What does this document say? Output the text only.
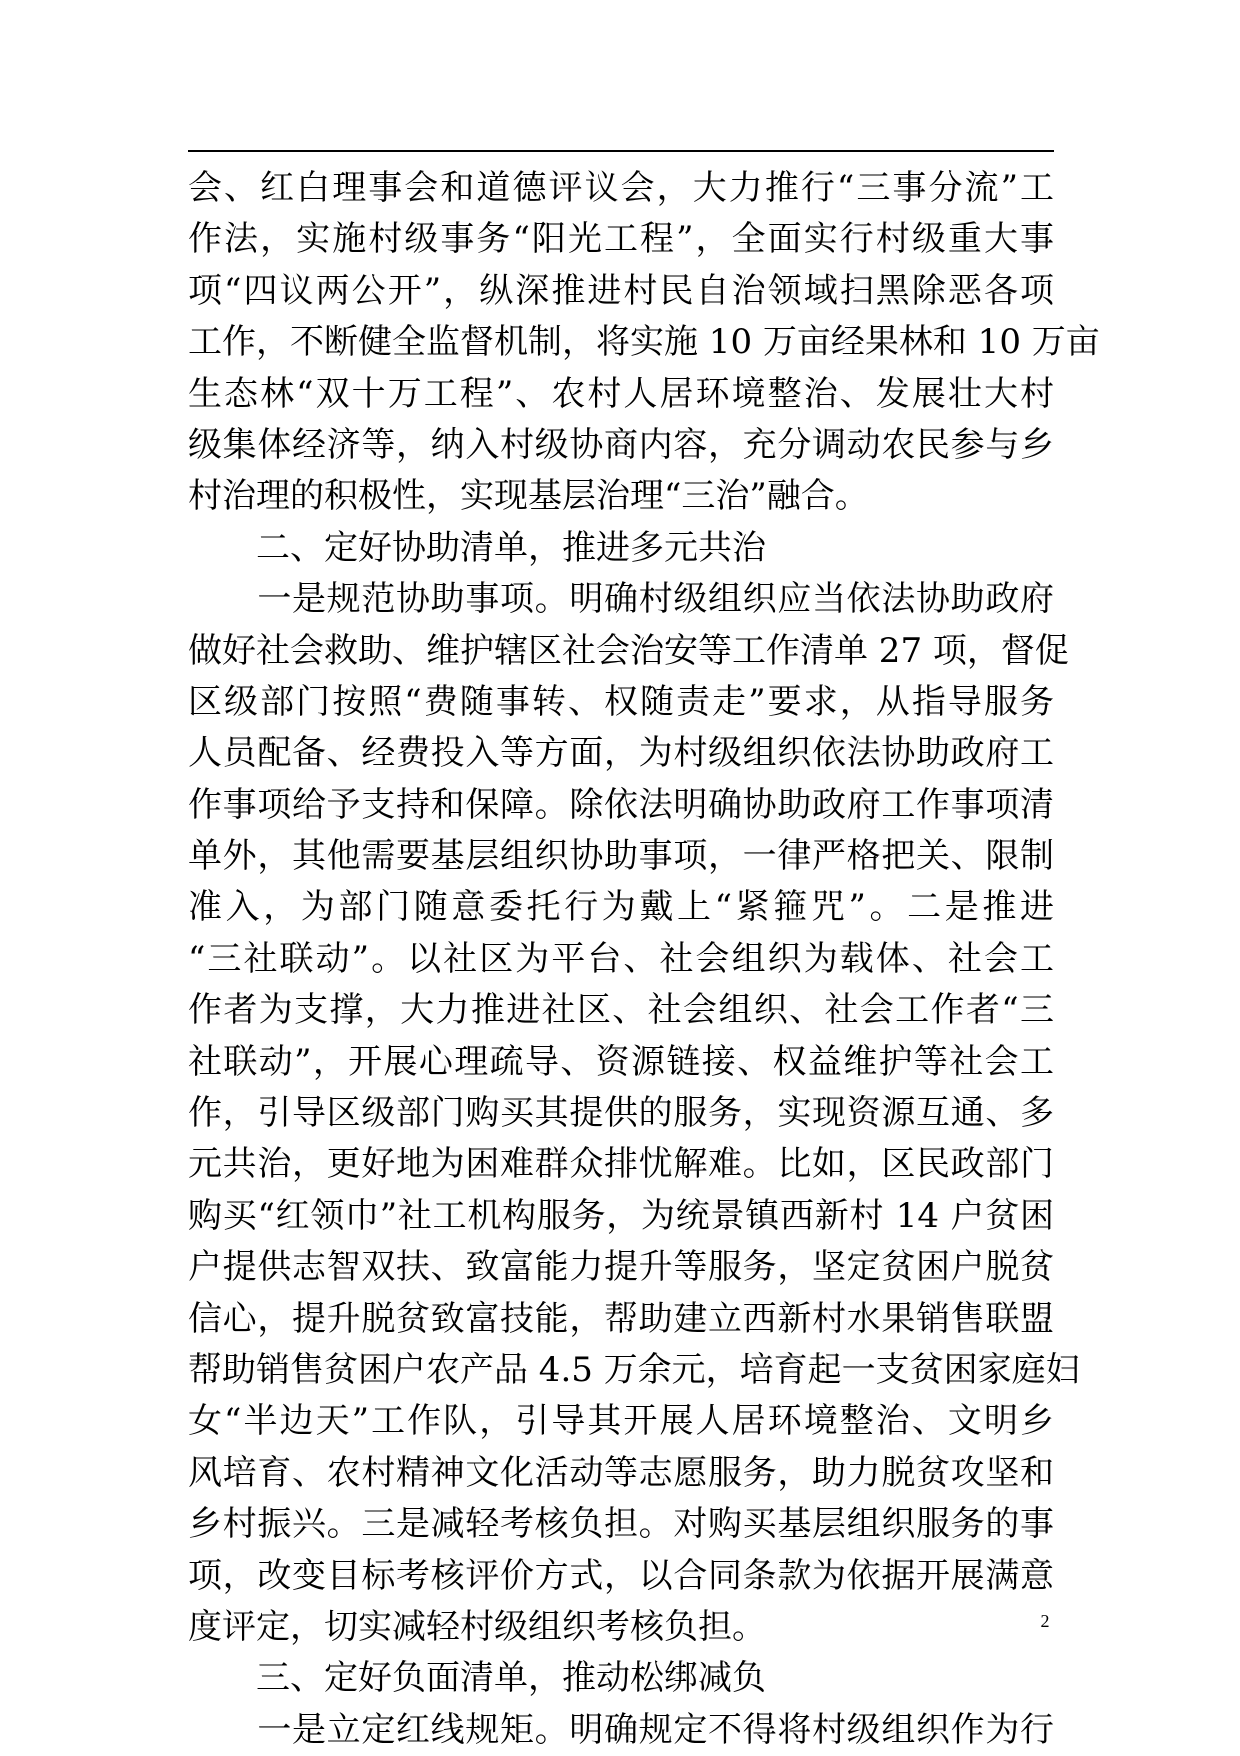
会、红白理事会和道德评议会，大力推行“三事分流”工
作法，实施村级事务“阳光工程”，全面实行村级重大事
项“四议两公开”，纵深推进村民自治领域扫黑除恶各项
工作，不断健全监督机制，将实施 10 万亩经果林和 10 万亩
生态林“双十万工程”、农村人居环境整治、发展壮大村
级集体经济等，纳入村级协商内容，充分调动农民参与乡
村治理的积极性，实现基层治理“三治”融合。
　　二、定好协助清单，推进多元共治
　　一是规范协助事项。明确村级组织应当依法协助政府
做好社会救助、维护辖区社会治安等工作清单 27 项，督促
区级部门按照“费随事转、权随责走”要求，从指导服务
人员配备、经费投入等方面，为村级组织依法协助政府工
作事项给予支持和保障。除依法明确协助政府工作事项清
单外，其他需要基层组织协助事项，一律严格把关、限制
准入，为部门随意委托行为戴上“紧箍咒”。二是推进
“三社联动”。以社区为平台、社会组织为载体、社会工
作者为支撑，大力推进社区、社会组织、社会工作者“三
社联动”，开展心理疏导、资源链接、权益维护等社会工
作，引导区级部门购买其提供的服务，实现资源互通、多
元共治，更好地为困难群众排忧解难。比如，区民政部门
购买“红领巾”社工机构服务，为统景镇西新村 14 户贫困
户提供志智双扶、致富能力提升等服务，坚定贫困户脱贫
信心，提升脱贫致富技能，帮助建立西新村水果销售联盟
帮助销售贫困户农产品 4.5 万余元，培育起一支贫困家庭妇
女“半边天”工作队，引导其开展人居环境整治、文明乡
风培育、农村精神文化活动等志愿服务，助力脱贫攻坚和
乡村振兴。三是减轻考核负担。对购买基层组织服务的事
项，改变目标考核评价方式，以合同条款为依据开展满意
度评定，切实减轻村级组织考核负担。
　　三、定好负面清单，推动松绑减负
　　一是立定红线规矩。明确规定不得将村级组织作为行
2
